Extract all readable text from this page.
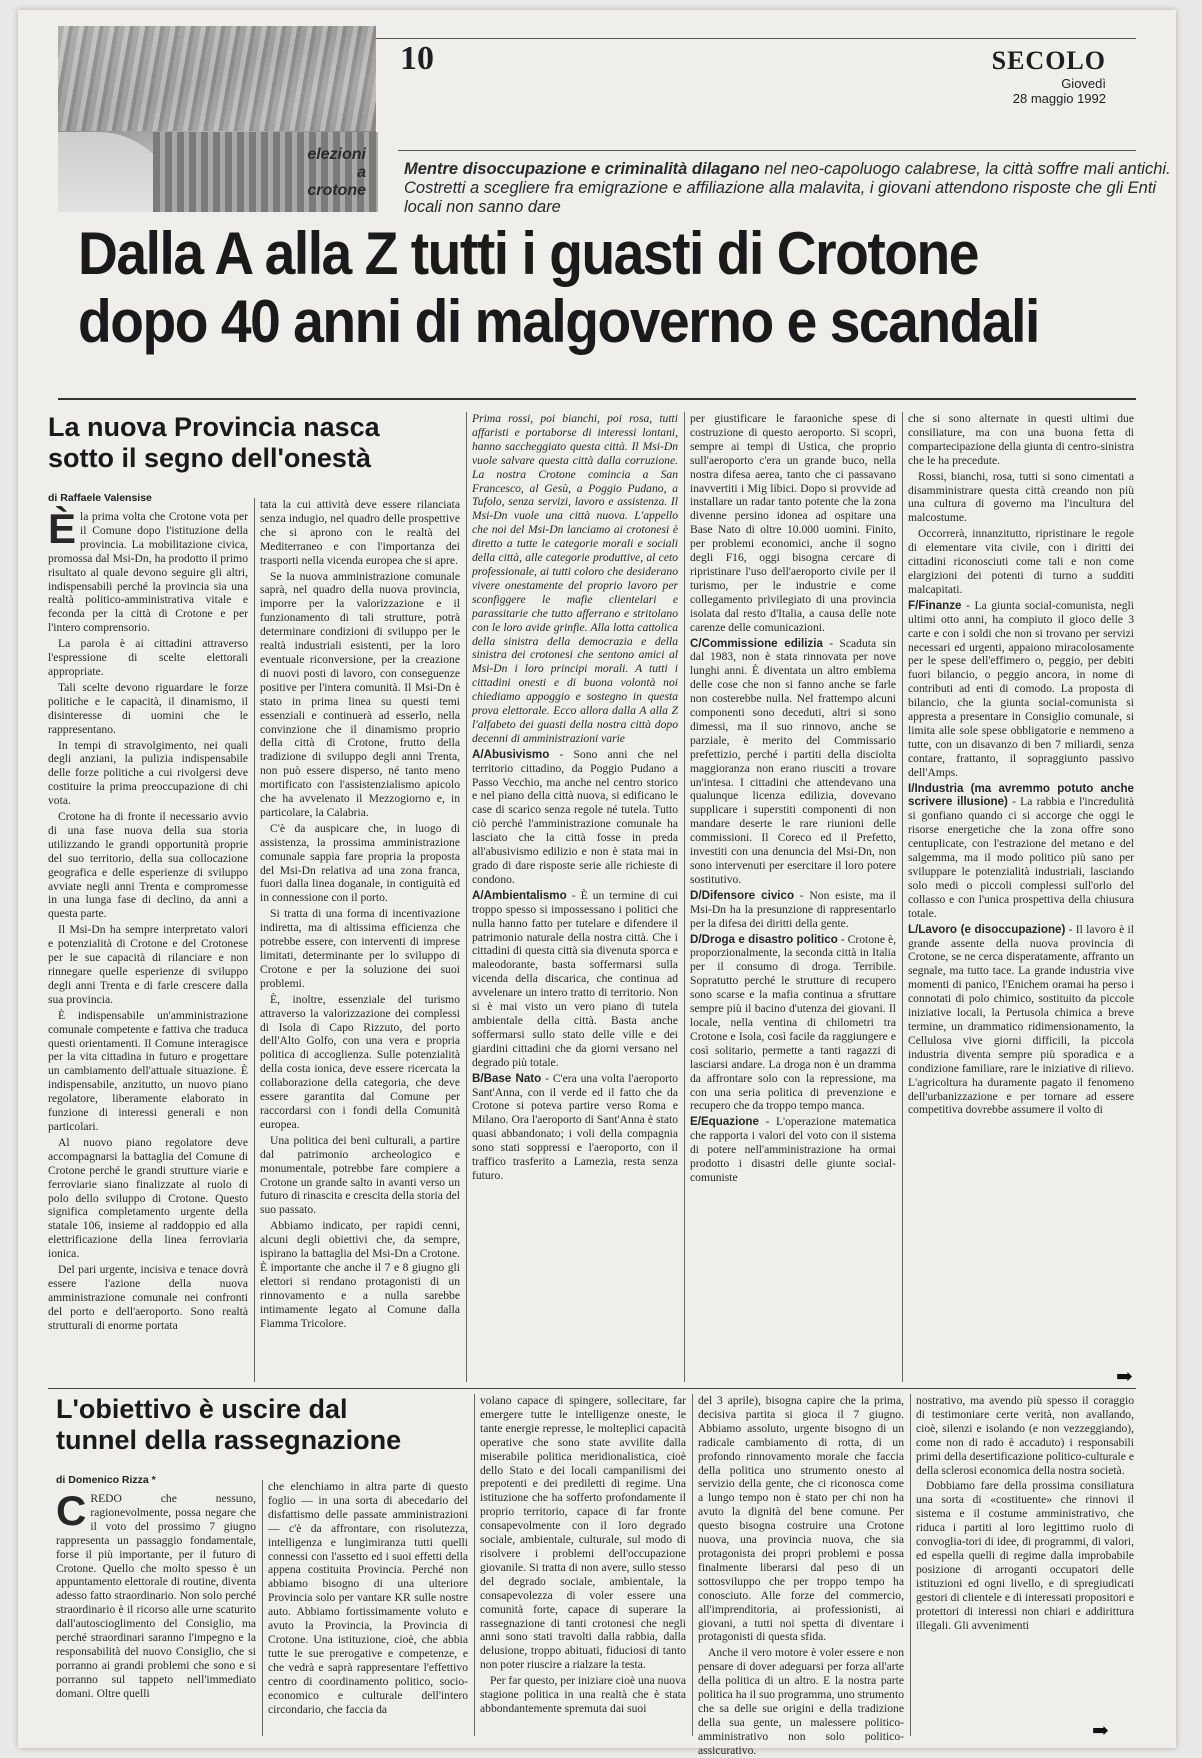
elezioni
a
crotone
10	SECOLO
Giovedì
28 maggio 1992
Mentre disoccupazione e criminalità dilagano nel neo-capoluogo calabrese, la città soffre mali antichi. Costretti a scegliere fra emigrazione e affiliazione alla malavita, i giovani attendono risposte che gli Enti locali non sanno dare
Dalla A alla Z tutti i guasti di Crotone
dopo 40 anni di malgoverno e scandali
La nuova Provincia nasca
sotto il segno dell'onestà
di Raffaele Valensise
È la prima volta che Crotone vota per il Comune dopo l'istituzione della provincia. La mobilitazione civica, promossa dal Msi-Dn, ha prodotto il primo risultato al quale devono seguire gli altri, indispensabili perché la provincia sia una realtà politico-amministrativa vitale e feconda per la città di Crotone e per l'intero comprensorio.

La parola è ai cittadini attraverso l'espressione di scelte elettorali appropriate.

Tali scelte devono riguardare le forze politiche e le capacità, il dinamismo, il disinteresse di uomini che le rappresentano.

In tempi di stravolgimento, nei quali degli anziani, la pulizia indispensabile delle forze politiche a cui rivolgersi deve costituire la prima preoccupazione di chi vota.

Crotone ha di fronte il necessario avvio di una fase nuova della sua storia utilizzando le grandi opportunità proprie del suo territorio, della sua collocazione geografica e delle esperienze di sviluppo avviate negli anni Trenta e compromesse in una lunga fase di declino, da anni a questa parte.

Il Msi-Dn ha sempre interpretato valori e potenzialità di Crotone e del Crotonese per le sue capacità di rilanciare e non rinnegare quelle esperienze di sviluppo degli anni Trenta e di farle crescere dalla sua provincia.

È indispensabile un'amministrazione comunale competente e fattiva che traduca questi orientamenti. Il Comune interagisce per la vita cittadina in futuro e progettare un cambiamento dell'attuale situazione. È indispensabile, anzitutto, un nuovo piano regolatore, liberamente elaborato in funzione di interessi generali e non particolari.

Al nuovo piano regolatore deve accompagnarsi la battaglia del Comune di Crotone perché le grandi strutture viarie e ferroviarie siano finalizzate al ruolo di polo dello sviluppo di Crotone. Questo significa completamento urgente della statale 106, insieme al raddoppio ed alla elettrificazione della linea ferroviaria ionica.

Del pari urgente, incisiva e tenace dovrà essere l'azione della nuova amministrazione comunale nei confronti del porto e dell'aeroporto. Sono realtà strutturali di enorme portata

tata la cui attività deve essere rilanciata senza indugio, nel quadro delle prospettive che si aprono con le realtà del Mediterraneo e con l'importanza dei trasporti nella vicenda europea che si apre.

Se la nuova amministrazione comunale saprà, nel quadro della nuova provincia, imporre per la valorizzazione e il funzionamento di tali strutture, potrà determinare condizioni di sviluppo per le realtà industriali esistenti, per la loro eventuale riconversione, per la creazione di nuovi posti di lavoro, con conseguenze positive per l'intera comunità. Il Msi-Dn è stato in prima linea su questi temi essenziali e continuerà ad esserlo, nella convinzione che il dinamismo proprio della città di Crotone, frutto della tradizione di sviluppo degli anni Trenta, non può essere disperso, né tanto meno mortificato con l'assistenzialismo apicolo che ha avvelenato il Mezzogiorno e, in particolare, la Calabria.

C'è da auspicare che, in luogo di assistenza, la prossima amministrazione comunale sappia fare propria la proposta del Msi-Dn relativa ad una zona franca, fuori dalla linea doganale, in contiguità ed in connessione con il porto.

Si tratta di una forma di incentivazione indiretta, ma di altissima efficienza che potrebbe essere, con interventi di imprese limitati, determinante per lo sviluppo di Crotone e per la soluzione dei suoi problemi.

È, inoltre, essenziale del turismo attraverso la valorizzazione dei complessi di Isola di Capo Rizzuto, del porto dell'Alto Golfo, con una vera e propria politica di accoglienza. Sulle potenzialità della costa ionica, deve essere ricercata la collaborazione della categoria, che deve essere garantita dal Comune per raccordarsi con i fondi della Comunità europea.

Una politica dei beni culturali, a partire dal patrimonio archeologico e monumentale, potrebbe fare compiere a Crotone un grande salto in avanti verso un futuro di rinascita e crescita della storia del suo passato.

Abbiamo indicato, per rapidi cenni, alcuni degli obiettivi che, da sempre, ispirano la battaglia del Msi-Dn a Crotone. È importante che anche il 7 e 8 giugno gli elettori si rendano protagonisti di un rinnovamento e a nulla sarebbe intimamente legato al Comune dalla Fiamma Tricolore.

Prima rossi, poi bianchi, poi rosa, tutti affaristi e portaborse di interessi lontani, hanno saccheggiato questa città. Il Msi-Dn vuole salvare questa città dalla corruzione. La nostra Crotone comincia a San Francesco, al Gesù, a Poggio Pudano, a Tufolo, senza servizi, lavoro e assistenza. Il Msi-Dn vuole una città nuova. L'appello che noi del Msi-Dn lanciamo ai crotonesi è diretto a tutte le categorie morali e sociali della città, alle categorie produttive, al ceto professionale, ai tutti coloro che desiderano vivere onestamente del proprio lavoro per sconfiggere le mafie clientelari e parassitarie che tutto afferrano e stritolano con le loro avide grinfie. Alla lotta cattolica della sinistra della democrazia e della sinistra dei crotonesi che sentono amici al Msi-Dn i loro principi morali. A tutti i cittadini onesti e di buona volontà noi chiediamo appoggio e sostegno in questa prova elettorale. Ecco allora dalla A alla Z l'alfabeto dei guasti della nostra città dopo decenni di amministrazioni varie

A/Abusivismo - Sono anni che nel territorio cittadino, da Poggio Pudano a Passo Vecchio, ma anche nel centro storico e nel piano della città nuova, si edificano le case di scarico senza regole né tutela. Tutto ciò perché l'amministrazione comunale ha lasciato che la città fosse in preda all'abusivismo edilizio e non è stata mai in grado di dare risposte serie alle richieste di condono.

A/Ambientalismo - È un termine di cui troppo spesso si impossessano i politici che nulla hanno fatto per tutelare e difendere il patrimonio naturale della nostra città. Che i cittadini di questa città sia divenuta sporca e maleodorante, basta soffermarsi sulla vicenda della discarica, che continua ad avvelenare un intero tratto di territorio. Non si è mai visto un vero piano di tutela ambientale della città. Basta anche soffermarsi sullo stato delle ville e dei giardini cittadini che da giorni versano nel degrado più totale.

B/Base Nato - C'era una volta l'aeroporto Sant'Anna, con il verde ed il fatto che da Crotone si poteva partire verso Roma e Milano. Ora l'aeroporto di Sant'Anna è stato quasi abbandonato; i voli della compagnia sono stati soppressi e l'aeroporto, con il traffico trasferito a Lamezia, resta senza futuro.

per giustificare le faraoniche spese di costruzione di questo aeroporto. Si scoprì, sempre ai tempi di Ustica, che proprio sull'aeroporto c'era un grande buco, nella nostra difesa aerea, tanto che ci passavano inavvertiti i Mig libici. Dopo si provvide ad installare un radar tanto potente che la zona divenne persino idonea ad ospitare una Base Nato di oltre 10.000 uomini. Finito, per problemi economici, anche il sogno degli F16, oggi bisogna cercare di ripristinare l'uso dell'aeroporto civile per il turismo, per le industrie e come collegamento privilegiato di una provincia isolata dal resto d'Italia, a causa delle note carenze delle comunicazioni.

C/Commissione edilizia - Scaduta sin dal 1983, non è stata rinnovata per nove lunghi anni. È diventata un altro emblema delle cose che non si fanno anche se farle non costerebbe nulla. Nel frattempo alcuni componenti sono deceduti, altri si sono dimessi, ma il suo rinnovo, anche se parziale, è merito del Commissario prefettizio, perché i partiti della disciolta maggioranza non erano riusciti a trovare un'intesa. I cittadini che attendevano una qualunque licenza edilizia, dovevano supplicare i superstiti componenti di non mandare deserte le rare riunioni delle commissioni. Il Coreco ed il Prefetto, investiti con una denuncia del Msi-Dn, non sono intervenuti per esercitare il loro potere sostitutivo.

D/Difensore civico - Non esiste, ma il Msi-Dn ha la presunzione di rappresentarlo per la difesa dei diritti della gente.

D/Droga e disastro politico - Crotone è, proporzionalmente, la seconda città in Italia per il consumo di droga. Terribile. Sopratutto perché le strutture di recupero sono scarse e la mafia continua a sfruttare sempre più il bacino d'utenza dei giovani. Il locale, nella ventina di chilometri tra Crotone e Isola, così facile da raggiungere e così solitario, permette a tanti ragazzi di lasciarsi andare. La droga non è un dramma da affrontare solo con la repressione, ma con una seria politica di prevenzione e recupero che da troppo tempo manca.

E/Equazione - L'operazione matematica che rapporta i valori del voto con il sistema di potere nell'amministrazione ha ormai prodotto i disastri delle giunte social-comuniste

che si sono alternate in questi ultimi due consiliature, ma con una buona fetta di compartecipazione della giunta di centro-sinistra che le ha precedute.

Rossi, bianchi, rosa, tutti si sono cimentati a disamministrare questa città creando non più una cultura di governo ma l'incultura del malcostume.

Occorrerà, innanzitutto, ripristinare le regole di elementare vita civile, con i diritti dei cittadini riconosciuti come tali e non come elargizioni dei potenti di turno a sudditi malcapitati.

F/Finanze - La giunta social-comunista, negli ultimi otto anni, ha compiuto il gioco delle 3 carte e con i soldi che non si trovano per servizi necessari ed urgenti, appaiono miracolosamente per le spese dell'effimero o, peggio, per debiti fuori bilancio, o peggio ancora, in nome di contributi ad enti di comodo. La proposta di bilancio, che la giunta social-comunista si appresta a presentare in Consiglio comunale, si limita alle sole spese obbligatorie e nemmeno a tutte, con un disavanzo di ben 7 miliardi, senza contare, frattanto, il sopraggiunto passivo dell'Amps.

I/Industria (ma avremmo potuto anche scrivere illusione) - La rabbia e l'incredulità si gonfiano quando ci si accorge che oggi le risorse energetiche che la zona offre sono centuplicate, con l'estrazione del metano e del salgemma, ma il modo politico più sano per sviluppare le potenzialità industriali, lasciando solo medi o piccoli complessi sull'orlo del collasso e con l'unica prospettiva della chiusura totale.

L/Lavoro (e disoccupazione) - Il lavoro è il grande assente della nuova provincia di Crotone, se ne cerca disperatamente, affranto un segnale, ma tutto tace. La grande industria vive momenti di panico, l'Enichem oramai ha perso i connotati di polo chimico, sostituito da piccole iniziative locali, la Pertusola chimica a breve termine, un drammatico ridimensionamento, la Cellulosa vive giorni difficili, la piccola industria diventa sempre più sporadica e a condizione familiare, rare le iniziative di rilievo. L'agricoltura ha duramente pagato il fenomeno dell'urbanizzazione e per tornare ad essere competitiva dovrebbe assumere il volto di

➡
L'obiettivo è uscire dal
tunnel della rassegnazione
di Domenico Rizza *
C REDO che nessuno, ragionevolmente, possa negare che il voto del prossimo 7 giugno rappresenta un passaggio fondamentale, forse il più importante, per il futuro di Crotone. Quello che molto spesso è un appuntamento elettorale di routine, diventa adesso fatto straordinario. Non solo perché straordinario è il ricorso alle urne scaturito dall'autoscioglimento del Consiglio, ma perché straordinari saranno l'impegno e la responsabilità del nuovo Consiglio, che si porranno ai grandi problemi che sono e si porranno sul tappeto nell'immediato domani. Oltre quelli

che elenchiamo in altra parte di questo foglio — in una sorta di abecedario del disfattismo delle passate amministrazioni — c'è da affrontare, con risolutezza, intelligenza e lungimiranza tutti quelli connessi con l'assetto ed i suoi effetti della appena costituita Provincia. Perché non abbiamo bisogno di una ulteriore Provincia solo per vantare KR sulle nostre auto. Abbiamo fortissimamente voluto e avuto la Provincia, la Provincia di Crotone. Una istituzione, cioè, che abbia tutte le sue prerogative e competenze, e che vedrà e saprà rappresentare l'effettivo centro di coordinamento politico, socio-economico e culturale dell'intero circondario, che faccia da

volano capace di spingere, sollecitare, far emergere tutte le intelligenze oneste, le tante energie represse, le molteplici capacità operative che sono state avvilite dalla miserabile politica meridionalistica, cioè dello Stato e dei locali campanilismi dei prepotenti e dei prediletti di regime. Una istituzione che ha sofferto profondamente il proprio territorio, capace di far fronte consapevolmente con il loro degrado sociale, ambientale, culturale, sul modo di risolvere i problemi dell'occupazione giovanile. Si tratta di non avere, sullo stesso del degrado sociale, ambientale, la consapevolezza di voler essere una comunità forte, capace di superare la rassegnazione di tanti crotonesi che negli anni sono stati travolti dalla rabbia, dalla delusione, troppo abituati, fiduciosi di tanto non poter riuscire a rialzare la testa.

Per far questo, per iniziare cioè una nuova stagione politica in una realtà che è stata abbondantemente spremuta dai suoi

del 3 aprile), bisogna capire che la prima, decisiva partita si gioca il 7 giugno. Abbiamo assoluto, urgente bisogno di un radicale cambiamento di rotta, di un profondo rinnovamento morale che faccia della politica uno strumento onesto al servizio della gente, che ci riconosca come a lungo tempo non è stato per chi non ha avuto la dignità del bene comune. Per questo bisogna costruire una Crotone nuova, una provincia nuova, che sia protagonista dei propri problemi e possa finalmente liberarsi dal peso di un sottosviluppo che per troppo tempo ha conosciuto. Alle forze del commercio, all'imprenditoria, ai professionisti, ai giovani, a tutti noi spetta di diventare i protagonisti di questa sfida.

Anche il vero motore è voler essere e non pensare di dover adeguarsi per forza all'arte della politica di un altro. E la nostra parte politica ha il suo programma, uno strumento che sa delle sue origini e della tradizione della sua gente, un malessere politico-amministrativo non solo politico-assicurativo.

nostrativo, ma avendo più spesso il coraggio di testimoniare certe verità, non avallando, cioè, silenzi e isolando (e non vezzeggiando), come non di rado è accaduto) i responsabili primi della desertificazione politico-culturale e della sclerosi economica della nostra società.

Dobbiamo fare della prossima consiliatura una sorta di «costituente» che rinnovi il sistema e il costume amministrativo, che riduca i partiti al loro legittimo ruolo di convoglia-tori di idee, di programmi, di valori, ed espella quelli di regime dalla improbabile posizione di arroganti occupatori delle istituzioni ed ogni livello, e di spregiudicati gestori di clientele e di interessati propositori e protettori di interessi non chiari e addirittura illegali. Gli avvenimenti

➡
